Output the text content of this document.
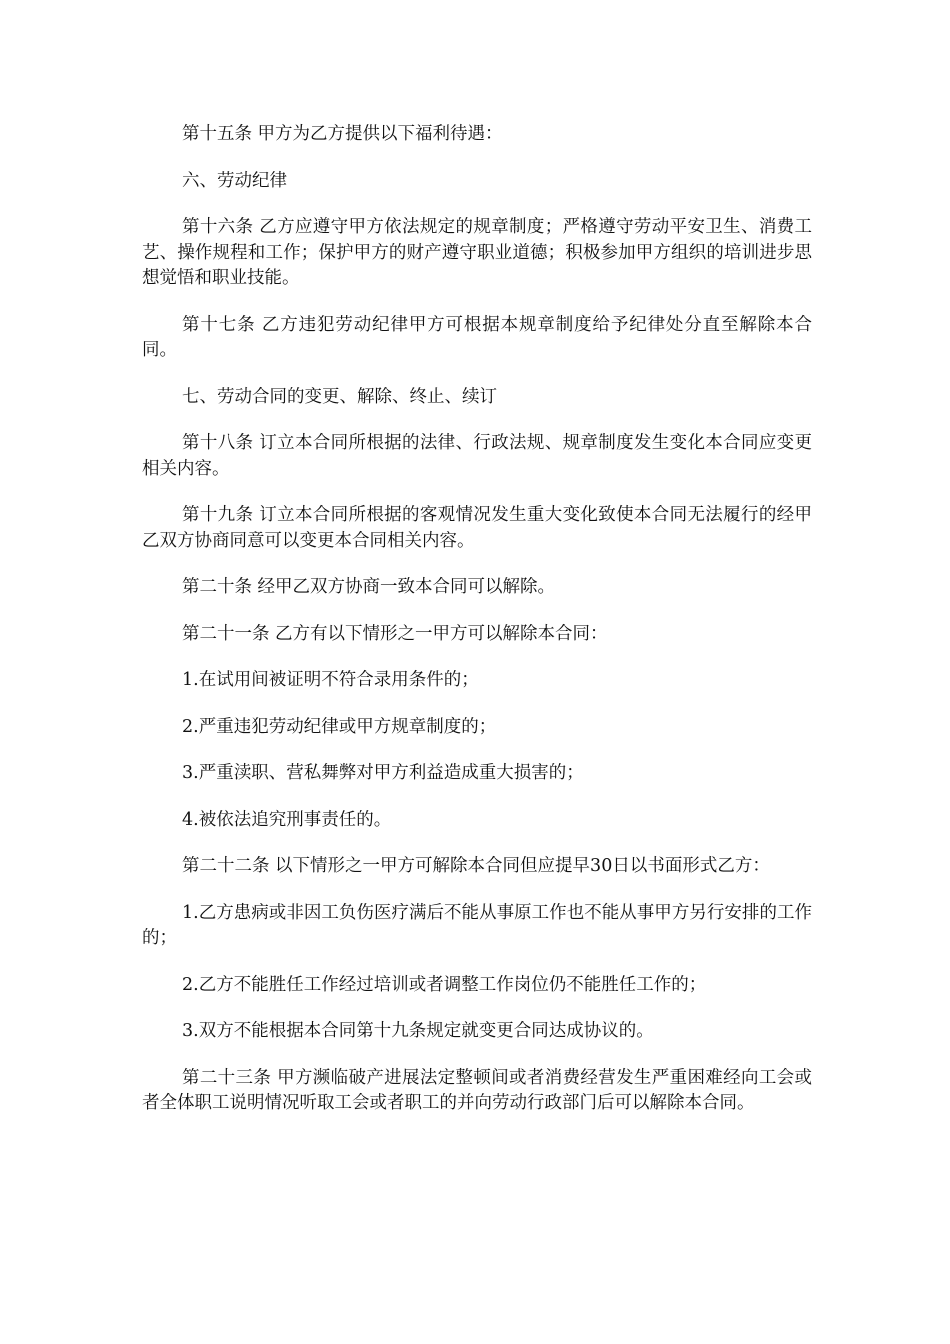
第十五条 甲方为乙方提供以下福利待遇：

六、劳动纪律

第十六条 乙方应遵守甲方依法规定的规章制度；严格遵守劳动平安卫生、消费工艺、操作规程和工作；保护甲方的财产遵守职业道德；积极参加甲方组织的培训进步思想觉悟和职业技能。

第十七条 乙方违犯劳动纪律甲方可根据本规章制度给予纪律处分直至解除本合同。

七、劳动合同的变更、解除、终止、续订

第十八条 订立本合同所根据的法律、行政法规、规章制度发生变化本合同应变更相关内容。

第十九条 订立本合同所根据的客观情况发生重大变化致使本合同无法履行的经甲乙双方协商同意可以变更本合同相关内容。

第二十条 经甲乙双方协商一致本合同可以解除。

第二十一条 乙方有以下情形之一甲方可以解除本合同：

1.在试用间被证明不符合录用条件的；

2.严重违犯劳动纪律或甲方规章制度的；

3.严重渎职、营私舞弊对甲方利益造成重大损害的；

4.被依法追究刑事责任的。

第二十二条 以下情形之一甲方可解除本合同但应提早30日以书面形式乙方：

1.乙方患病或非因工负伤医疗满后不能从事原工作也不能从事甲方另行安排的工作的；

2.乙方不能胜任工作经过培训或者调整工作岗位仍不能胜任工作的；

3.双方不能根据本合同第十九条规定就变更合同达成协议的。

第二十三条 甲方濒临破产进展法定整顿间或者消费经营发生严重困难经向工会或者全体职工说明情况听取工会或者职工的并向劳动行政部门后可以解除本合同。
